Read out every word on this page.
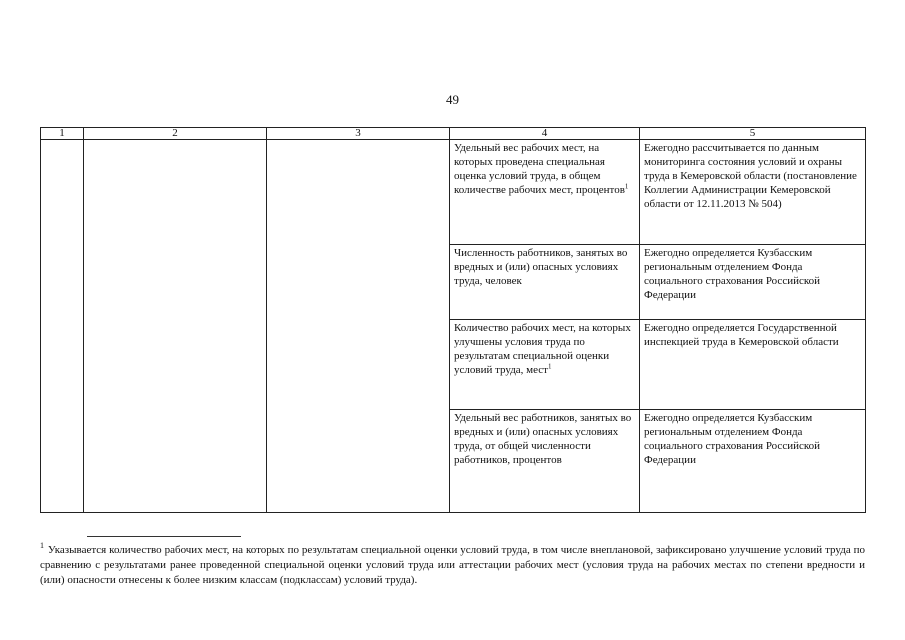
49
1	2	3	4	5
			Удельный вес рабочих мест, на которых проведена специальная оценка условий труда, в общем количестве рабочих мест, процентов$^1$	Ежегодно рассчитывается по данным мониторинга состояния условий и охраны труда в Кемеровской области (постановление Коллегии Администрации Кемеровской области от 12.11.2013 № 504)
			Численность работников, занятых во вредных и (или) опасных условиях труда, человек	Ежегодно определяется Кузбасским региональным отделением Фонда социального страхования Российской Федерации
			Количество рабочих мест, на которых улучшены условия труда по результатам специальной оценки условий труда, мест$^1$	Ежегодно определяется Государственной инспекцией труда в Кемеровской области
			Удельный вес работников, занятых во вредных и (или) опасных условиях труда, от общей численности работников, процентов	Ежегодно определяется Кузбасским региональным отделением Фонда социального страхования Российской Федерации
$^1$ Указывается количество рабочих мест, на которых по результатам специальной оценки условий труда, в том числе внеплановой, зафиксировано улучшение условий труда по сравнению с результатами ранее проведенной специальной оценки условий труда или аттестации рабочих мест (условия труда на рабочих местах по степени вредности и (или) опасности отнесены к более низким классам (подклассам) условий труда).
